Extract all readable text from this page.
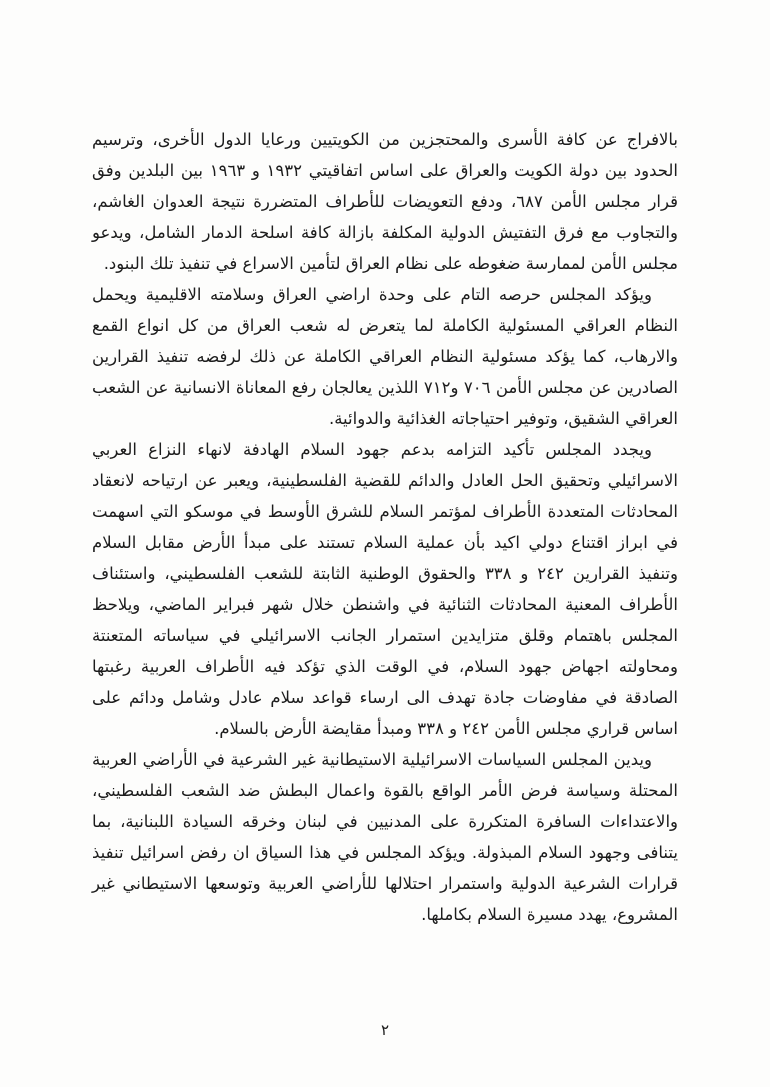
بالافراج عن كافة الأسرى والمحتجزين من الكويتيين ورعايا الدول الأخرى، وترسيم الحدود بين دولة الكويت والعراق على اساس اتفاقيتي ١٩٣٢ و ١٩٦٣ بين البلدين وفق قرار مجلس الأمن ٦٨٧، ودفع التعويضات للأطراف المتضررة نتيجة العدوان الغاشم، والتجاوب مع فرق التفتيش الدولية المكلفة بازالة كافة اسلحة الدمار الشامل، ويدعو مجلس الأمن لممارسة ضغوطه على نظام العراق لتأمين الاسراع في تنفيذ تلك البنود.

ويؤكد المجلس حرصه التام على وحدة اراضي العراق وسلامته الاقليمية ويحمل النظام العراقي المسئولية الكاملة لما يتعرض له شعب العراق من كل انواع القمع والارهاب، كما يؤكد مسئولية النظام العراقي الكاملة عن ذلك لرفضه تنفيذ القرارين الصادرين عن مجلس الأمن ٧٠٦ و٧١٢ اللذين يعالجان رفع المعاناة الانسانية عن الشعب العراقي الشقيق، وتوفير احتياجاته الغذائية والدوائية.

ويجدد المجلس تأكيد التزامه بدعم جهود السلام الهادفة لانهاء النزاع العربي الاسرائيلي وتحقيق الحل العادل والدائم للقضية الفلسطينية، ويعبر عن ارتياحه لانعقاد المحادثات المتعددة الأطراف لمؤتمر السلام للشرق الأوسط في موسكو التي اسهمت في ابراز اقتناع دولي اكيد بأن عملية السلام تستند على مبدأ الأرض مقابل السلام وتنفيذ القرارين ٢٤٢ و ٣٣٨ والحقوق الوطنية الثابتة للشعب الفلسطيني، واستئناف الأطراف المعنية المحادثات الثنائية في واشنطن خلال شهر فبراير الماضي، ويلاحظ المجلس باهتمام وقلق متزايدين استمرار الجانب الاسرائيلي في سياساته المتعنتة ومحاولته اجهاض جهود السلام، في الوقت الذي تؤكد فيه الأطراف العربية رغبتها الصادقة في مفاوضات جادة تهدف الى ارساء قواعد سلام عادل وشامل ودائم على اساس قراري مجلس الأمن ٢٤٢ و ٣٣٨ ومبدأ مقايضة الأرض بالسلام.

ويدين المجلس السياسات الاسرائيلية الاستيطانية غير الشرعية في الأراضي العربية المحتلة وسياسة فرض الأمر الواقع بالقوة واعمال البطش ضد الشعب الفلسطيني، والاعتداءات السافرة المتكررة على المدنيين في لبنان وخرقه السيادة اللبنانية، بما يتنافى وجهود السلام المبذولة. ويؤكد المجلس في هذا السياق ان رفض اسرائيل تنفيذ قرارات الشرعية الدولية واستمرار احتلالها للأراضي العربية وتوسعها الاستيطاني غير المشروع، يهدد مسيرة السلام بكاملها.

٢
